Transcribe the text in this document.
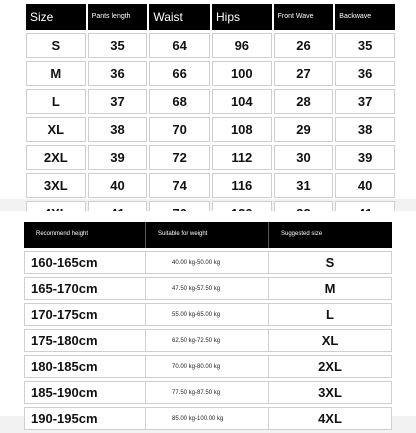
Size	Pants length	Waist	Hips	Front Wave	Backwave
S	35	64	96	26	35
M	36	66	100	27	36
L	37	68	104	28	37
XL	38	70	108	29	38
2XL	39	72	112	30	39
3XL	40	74	116	31	40

Recommend height	Suitable for weight	Suggested size
160-165cm	40.00 kg-50.00 kg	S
165-170cm	47.50 kg-57.50 kg	M
170-175cm	55.00 kg-65.00 kg	L
175-180cm	62.50 kg-72.50 kg	XL
180-185cm	70.00 kg-80.00 kg	2XL
185-190cm	77.50 kg-87.50 kg	3XL
190-195cm	85.00 kg-100.00 kg	4XL
